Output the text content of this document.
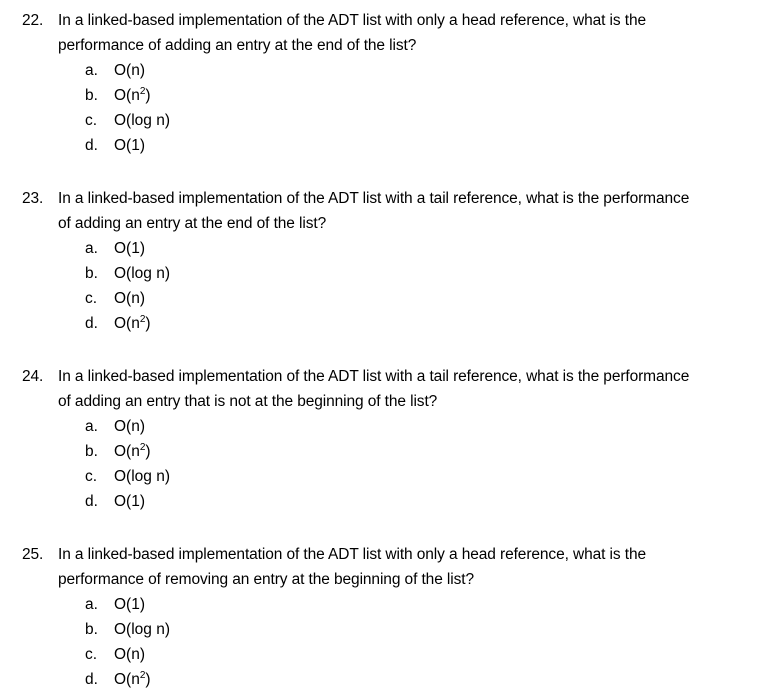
22. In a linked-based implementation of the ADT list with only a head reference, what is the
performance of adding an entry at the end of the list?
a. O(n)
b. $O(n^2)$
c. O(log n)
d. O(1)
23. In a linked-based implementation of the ADT list with a tail reference, what is the performance
of adding an entry at the end of the list?
a. O(1)
b. O(log n)
c. O(n)
d. $O(n^2)$
24. In a linked-based implementation of the ADT list with a tail reference, what is the performance
of adding an entry that is not at the beginning of the list?
a. O(n)
b. $O(n^2)$
c. O(log n)
d. O(1)
25. In a linked-based implementation of the ADT list with only a head reference, what is the
performance of removing an entry at the beginning of the list?
a. O(1)
b. O(log n)
c. O(n)
d. $O(n^2)$
